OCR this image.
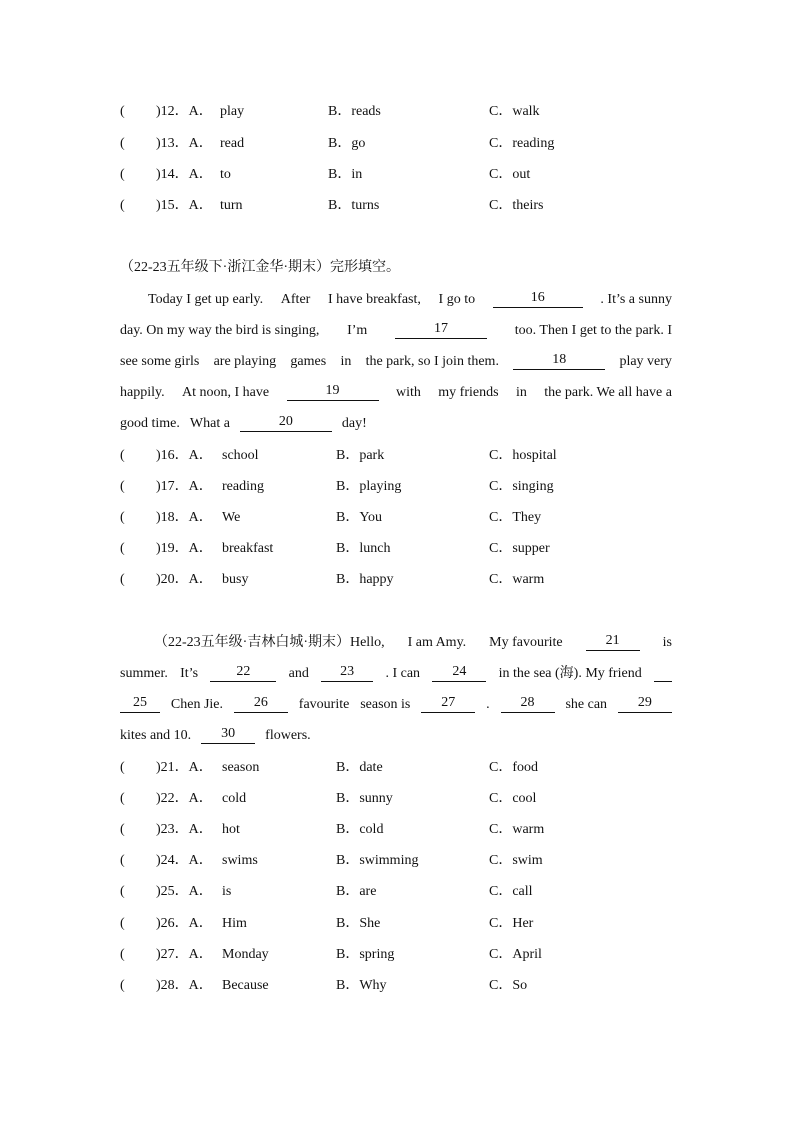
( )12．A． play	B．reads	C．walk
( )13．A． read	B．go	C．reading
( )14．A． to	B．in	C．out
( )15．A． turn	B．turns	C．theirs
（22-23五年级下·浙江金华·期末）完形填空。
Today I get up early. After I have breakfast, I go to	16	. It’s a sunny
day. On my way the bird is singing, I’m	17	too. Then I get to the park. I
see some girls are playing games in the park, so I join them.	18	play very
happily. At noon, I have	19	with my friends in the park. We all have a
good time. What a	20	day!
( )16．A． school	B．park	C．hospital
( )17．A． reading	B．playing	C．singing
( )18．A． We	B．You	C．They
( )19．A． breakfast	B．lunch	C．supper
( )20．A． busy	B．happy	C．warm
（22-23五年级·吉林白城·期末）Hello, I am Amy. My favourite	21	is
summer. It’s	22	and	23	. I can	24	in the sea (海). My friend
25	Chen Jie.	26	favourite season is	27	.	28	she can	29
kites and 10.	30	flowers.
( )21．A． season	B．date	C．food
( )22．A． cold	B．sunny	C．cool
( )23．A． hot	B．cold	C．warm
( )24．A． swims	B．swimming	C．swim
( )25．A． is	B．are	C．call
( )26．A． Him	B．She	C．Her
( )27．A． Monday	B．spring	C．April
( )28．A． Because	B．Why	C．So
